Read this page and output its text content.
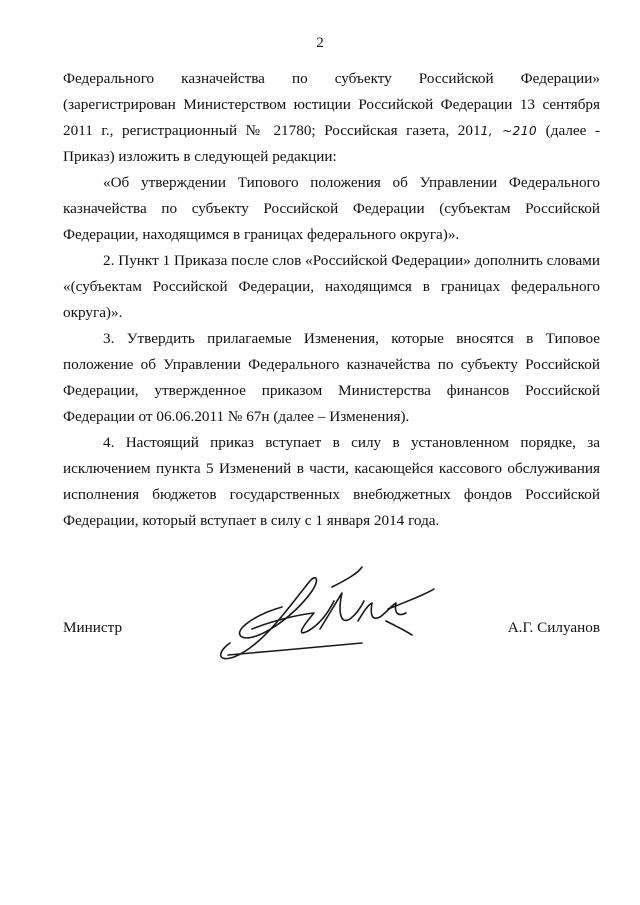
2

Федерального казначейства по субъекту Российской Федерации»
(зарегистрирован Министерством юстиции Российской Федерации 13 сентября
2011 г., регистрационный № 21780; Российская газета, 2011, ~210 (далее -
Приказ) изложить в следующей редакции:

«Об утверждении Типового положения об Управлении Федерального казначейства по субъекту Российской Федерации (субъектам Российской Федерации, находящимся в границах федерального округа)».

2. Пункт 1 Приказа после слов «Российской Федерации» дополнить словами «(субъектам Российской Федерации, находящимся в границах федерального округа)».

3. Утвердить прилагаемые Изменения, которые вносятся в Типовое положение об Управлении Федерального казначейства по субъекту Российской Федерации, утвержденное приказом Министерства финансов Российской Федерации от 06.06.2011 № 67н (далее – Изменения).

4. Настоящий приказ вступает в силу в установленном порядке, за исключением пункта 5 Изменений в части, касающейся кассового обслуживания исполнения бюджетов государственных внебюджетных фондов Российской Федерации, который вступает в силу с 1 января 2014 года.

Министр	А.Г. Силуанов
